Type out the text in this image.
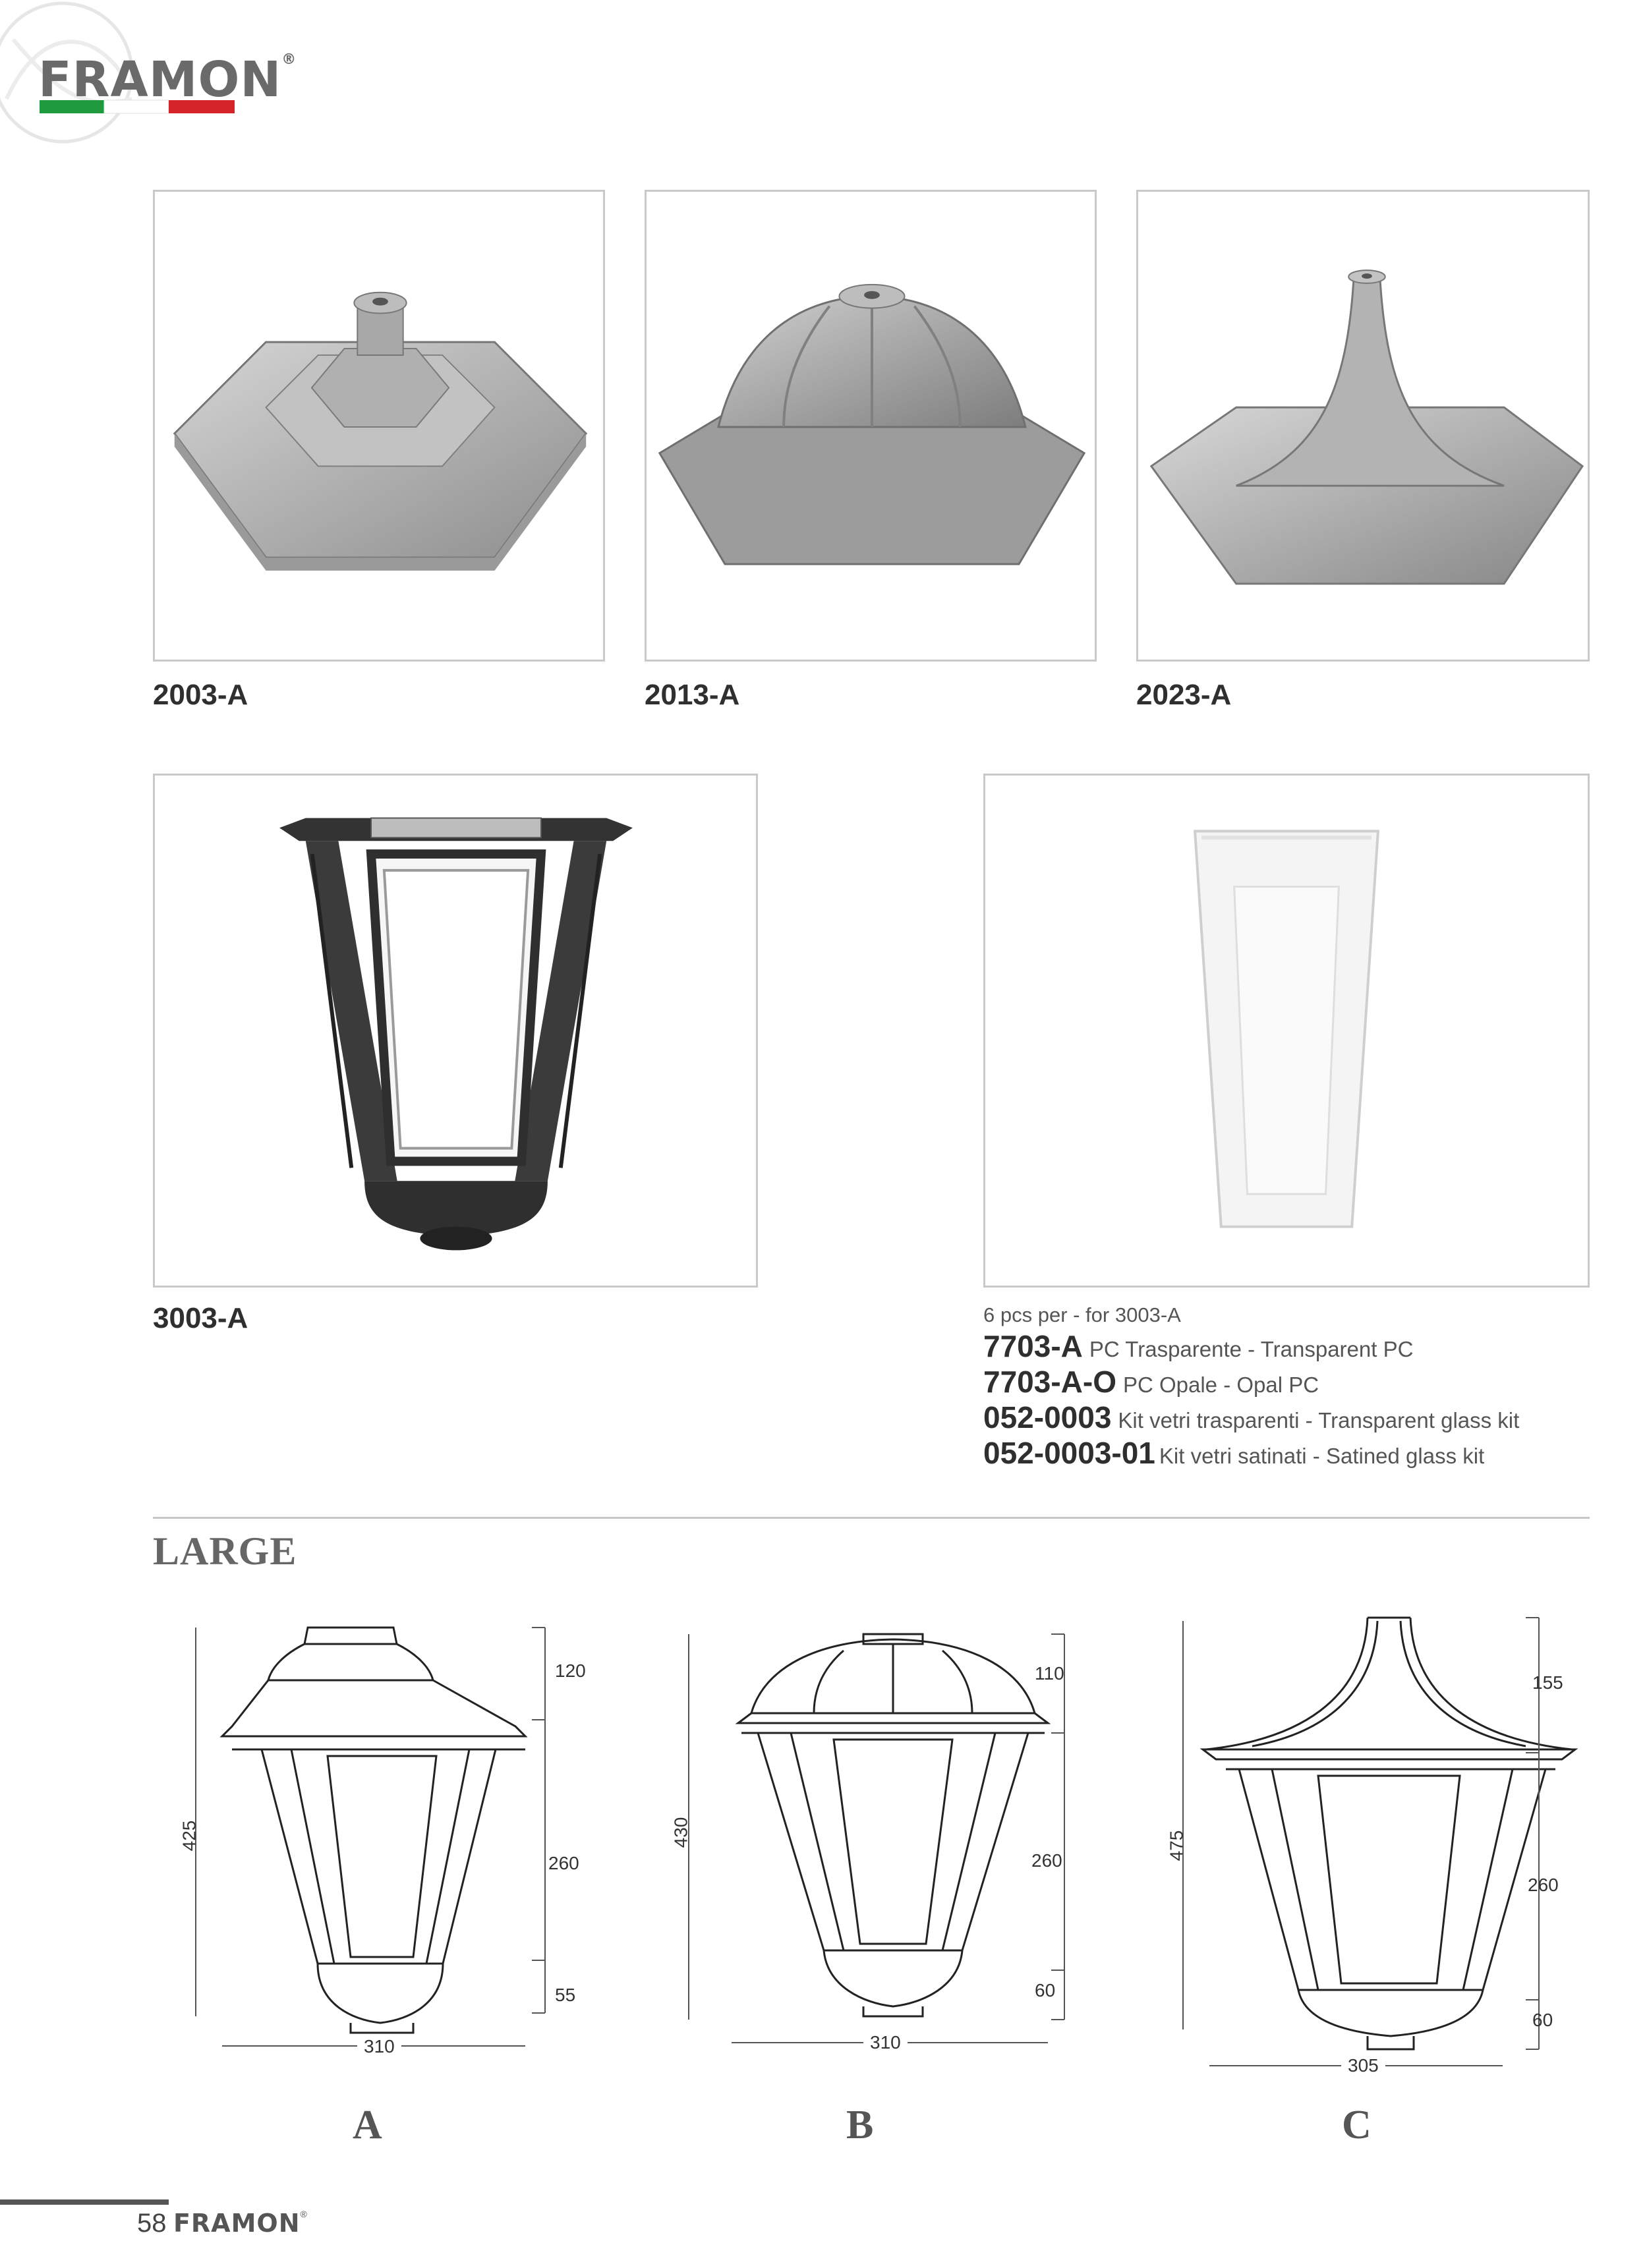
FRAMON®
2003-A	2013-A	2023-A
3003-A	6 pcs per - for 3003-A
7703-A PC Trasparente - Transparent PC
7703-A-O PC Opale - Opal PC
052-0003 Kit vetri trasparenti - Transparent glass kit
052-0003-01 Kit vetri satinati - Satined glass kit
LARGE
425
120
260
55
310
430
110
260
60
310
475
155
260
60
305
A	B	C
58 FRAMON®
